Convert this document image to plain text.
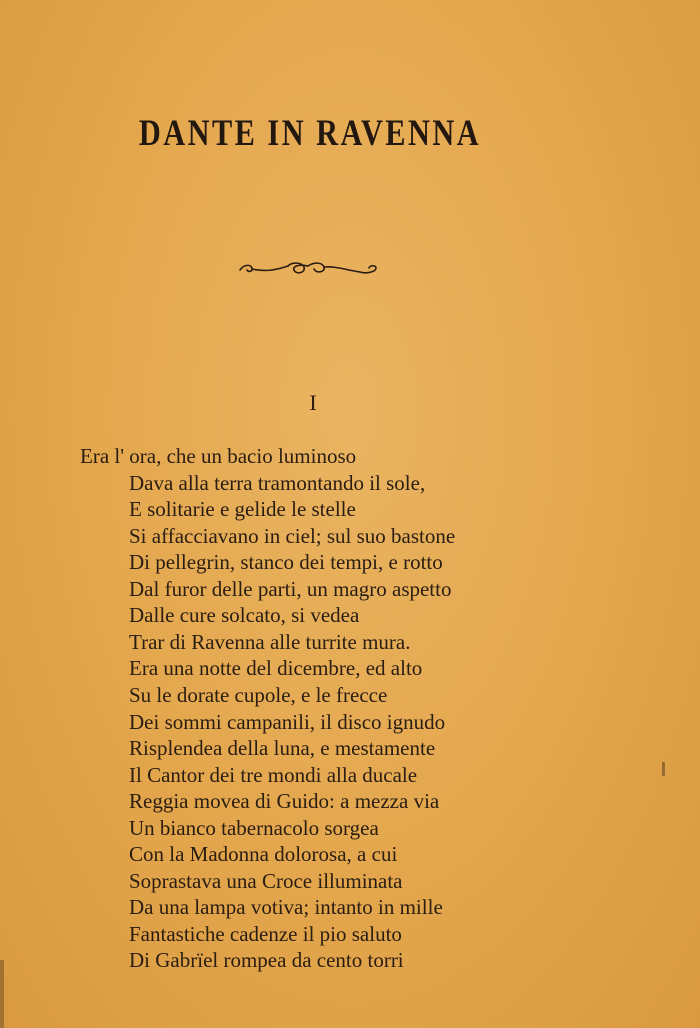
DANTE IN RAVENNA
I
Era l' ora, che un bacio luminoso
Dava alla terra tramontando il sole,
E solitarie e gelide le stelle
Si affacciavano in ciel; sul suo bastone
Di pellegrin, stanco dei tempi, e rotto
Dal furor delle parti, un magro aspetto
Dalle cure solcato, si vedea
Trar di Ravenna alle turrite mura.
Era una notte del dicembre, ed alto
Su le dorate cupole, e le frecce
Dei sommi campanili, il disco ignudo
Risplendea della luna, e mestamente
Il Cantor dei tre mondi alla ducale
Reggia movea di Guido: a mezza via
Un bianco tabernacolo sorgea
Con la Madonna dolorosa, a cui
Soprastava una Croce illuminata
Da una lampa votiva; intanto in mille
Fantastiche cadenze il pio saluto
Di Gabrïel rompea da cento torri
